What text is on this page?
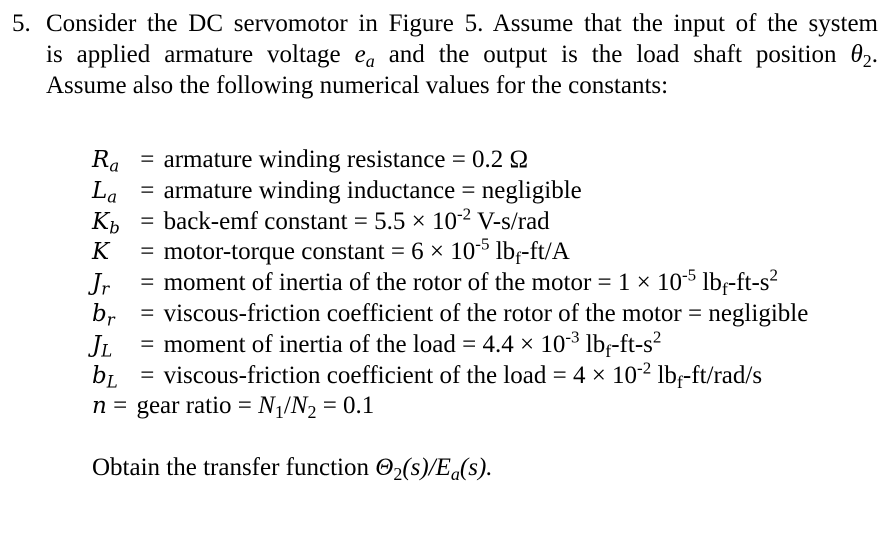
5. Consider the DC servomotor in Figure 5. Assume that the input of the system
is applied armature voltage $e_a$ and the output is the load shaft position $\theta_2$.
Assume also the following numerical values for the constants:
$R_a$ = armature winding resistance = 0.2 Ω
$L_a$ = armature winding inductance = negligible
$K_b$ = back-emf constant = $5.5 \times 10^{-2}$ V-s/rad
K = motor-torque constant = $6 \times 10^{-5}$ $lb_f-ft/A$
$J_r$ = moment of inertia of the rotor of the motor = $1 \times 10^{-5}$ $lb_f-ft-s^2$
$b_r$ = viscous-friction coefficient of the rotor of the motor = negligible
$J_L$ = moment of inertia of the load = $4.4 \times 10^{-3}$ $lb_f-ft-s^2$
$b_L$ = viscous-friction coefficient of the load = $4 \times 10^{-2}$ $lb_f-ft/rad/s$
n = gear ratio = $N_1/N_2 = 0.1$
Obtain the transfer function $\Theta_2(s)/E_a(s)$.
